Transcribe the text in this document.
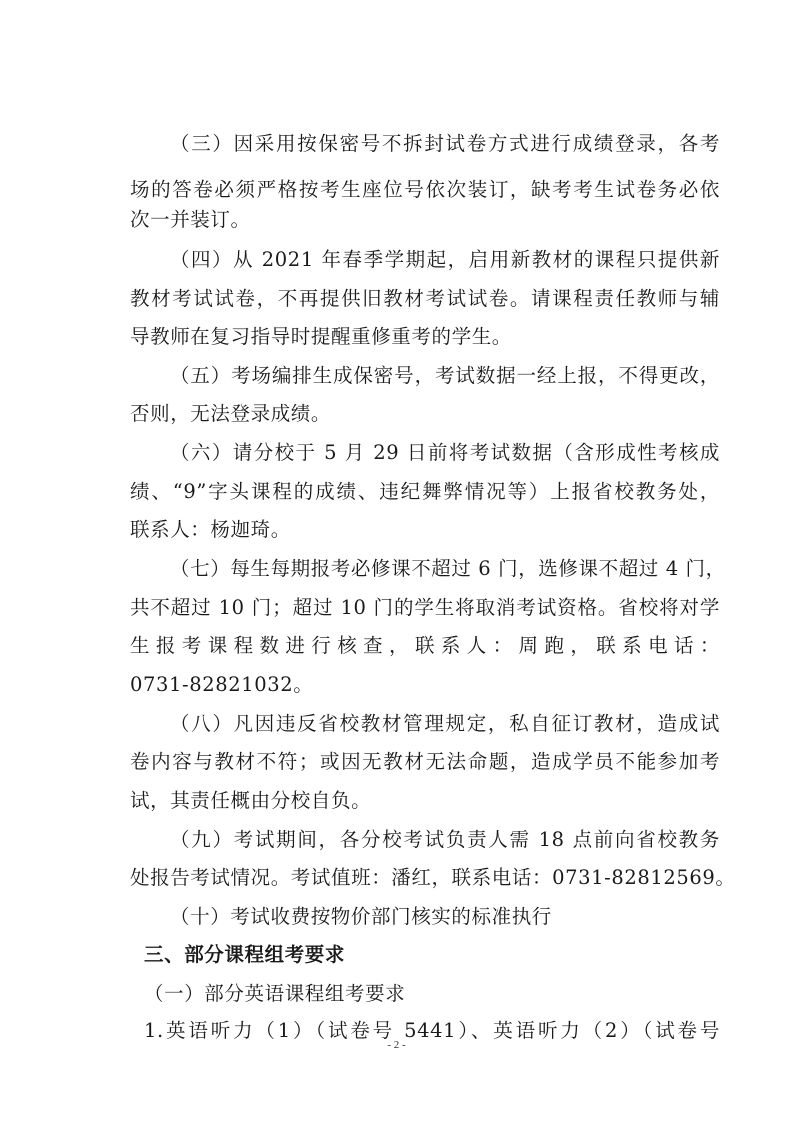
（三）因采用按保密号不拆封试卷方式进行成绩登录，各考
场的答卷必须严格按考生座位号依次装订，缺考考生试卷务必依
次一并装订。
（四）从 2021 年春季学期起，启用新教材的课程只提供新
教材考试试卷，不再提供旧教材考试试卷。请课程责任教师与辅
导教师在复习指导时提醒重修重考的学生。
（五）考场编排生成保密号，考试数据一经上报，不得更改，
否则，无法登录成绩。
（六）请分校于 5 月 29 日前将考试数据（含形成性考核成
绩、“9”字头课程的成绩、违纪舞弊情况等）上报省校教务处，
联系人：杨迦琦。
（七）每生每期报考必修课不超过 6 门，选修课不超过 4 门，
共不超过 10 门；超过 10 门的学生将取消考试资格。省校将对学
生报考课程数进行核查，联系人：周跑，联系电话：
0731-82821032。
（八）凡因违反省校教材管理规定，私自征订教材，造成试
卷内容与教材不符；或因无教材无法命题，造成学员不能参加考
试，其责任概由分校自负。
（九）考试期间，各分校考试负责人需 18 点前向省校教务
处报告考试情况。考试值班：潘红，联系电话：0731-82812569。
（十）考试收费按物价部门核实的标准执行
三、部分课程组考要求
（一）部分英语课程组考要求
1.英语听力（1）（试卷号 5441）、英语听力（2）（试卷号
- 2 -
